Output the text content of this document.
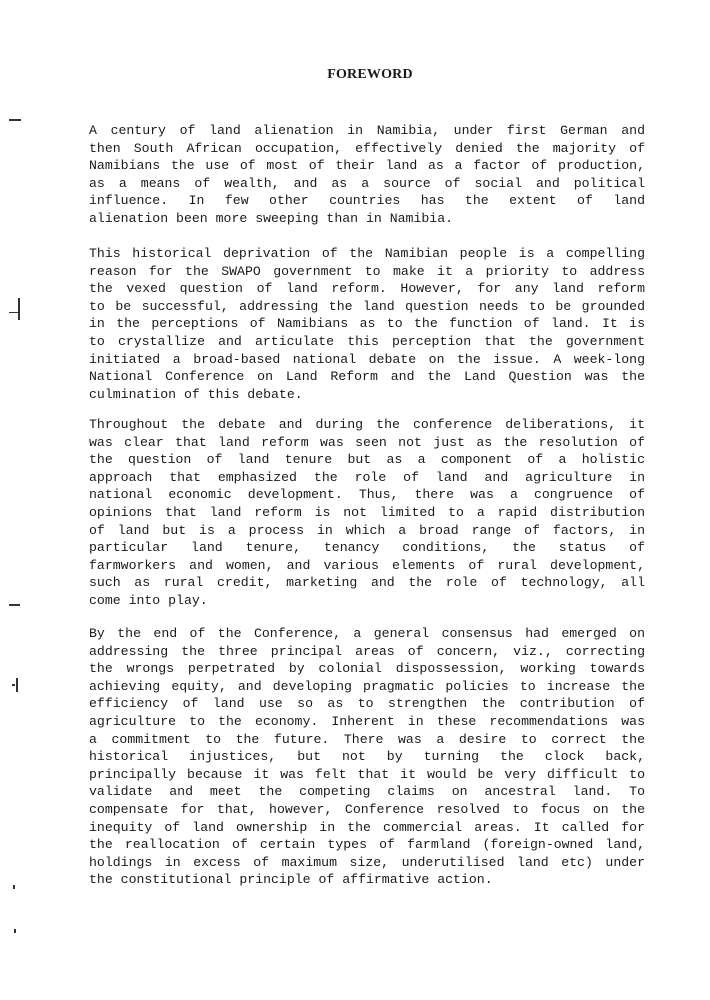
FOREWORD
A century of land alienation in Namibia, under first German and
then South African occupation, effectively denied the majority of
Namibians the use of most of their land as a factor of production,
as a means of wealth, and as a source of social and political
influence. In few other countries has the extent of land
alienation been more sweeping than in Namibia.
This historical deprivation of the Namibian people is a compelling
reason for the SWAPO government to make it a priority to address
the vexed question of land reform. However, for any land reform
to be successful, addressing the land question needs to be grounded
in the perceptions of Namibians as to the function of land. It is
to crystallize and articulate this perception that the government
initiated a broad-based national debate on the issue. A week-long
National Conference on Land Reform and the Land Question was the
culmination of this debate.
Throughout the debate and during the conference deliberations, it
was clear that land reform was seen not just as the resolution of
the question of land tenure but as a component of a holistic
approach that emphasized the role of land and agriculture in
national economic development. Thus, there was a congruence of
opinions that land reform is not limited to a rapid distribution
of land but is a process in which a broad range of factors, in
particular land tenure, tenancy conditions, the status of
farmworkers and women, and various elements of rural development,
such as rural credit, marketing and the role of technology, all
come into play.
By the end of the Conference, a general consensus had emerged on
addressing the three principal areas of concern, viz., correcting
the wrongs perpetrated by colonial dispossession, working towards
achieving equity, and developing pragmatic policies to increase the
efficiency of land use so as to strengthen the contribution of
agriculture to the economy. Inherent in these recommendations was
a commitment to the future. There was a desire to correct the
historical injustices, but not by turning the clock back,
principally because it was felt that it would be very difficult to
validate and meet the competing claims on ancestral land. To
compensate for that, however, Conference resolved to focus on the
inequity of land ownership in the commercial areas. It called for
the reallocation of certain types of farmland (foreign-owned land,
holdings in excess of maximum size, underutilised land etc) under
the constitutional principle of affirmative action.
